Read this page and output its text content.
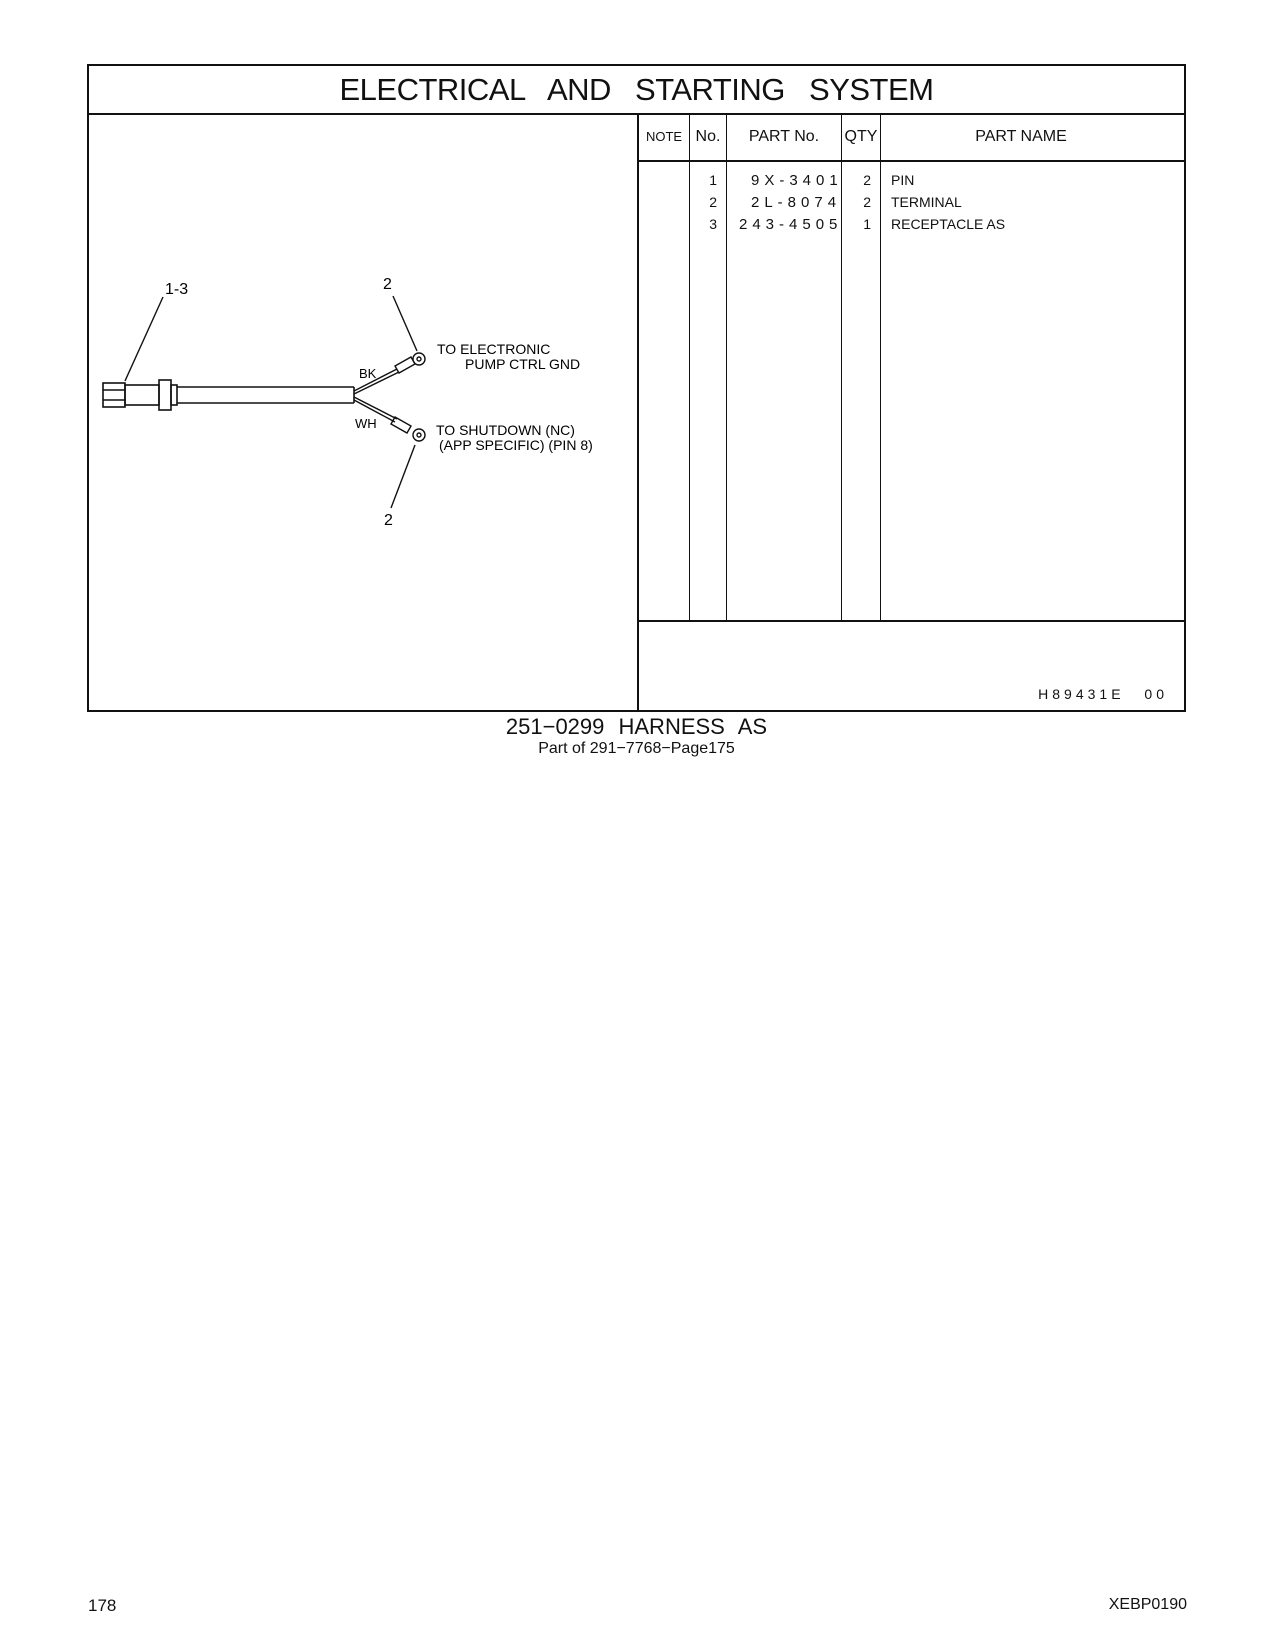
ELECTRICAL AND STARTING SYSTEM
1-3	2
2
BK
WH
TO ELECTRONIC
PUMP CTRL GND
TO SHUTDOWN (NC)
(APP SPECIFIC) (PIN 8)
NOTE No.	PART No.	QTY	PART NAME
1 9X-3401	2 PIN
2 2L-8074	2 TERMINAL
3 243-4505	1 RECEPTACLE AS
H89431E 00
251−0299 HARNESS AS
Part of 291−7768−Page175
178	XEBP0190
